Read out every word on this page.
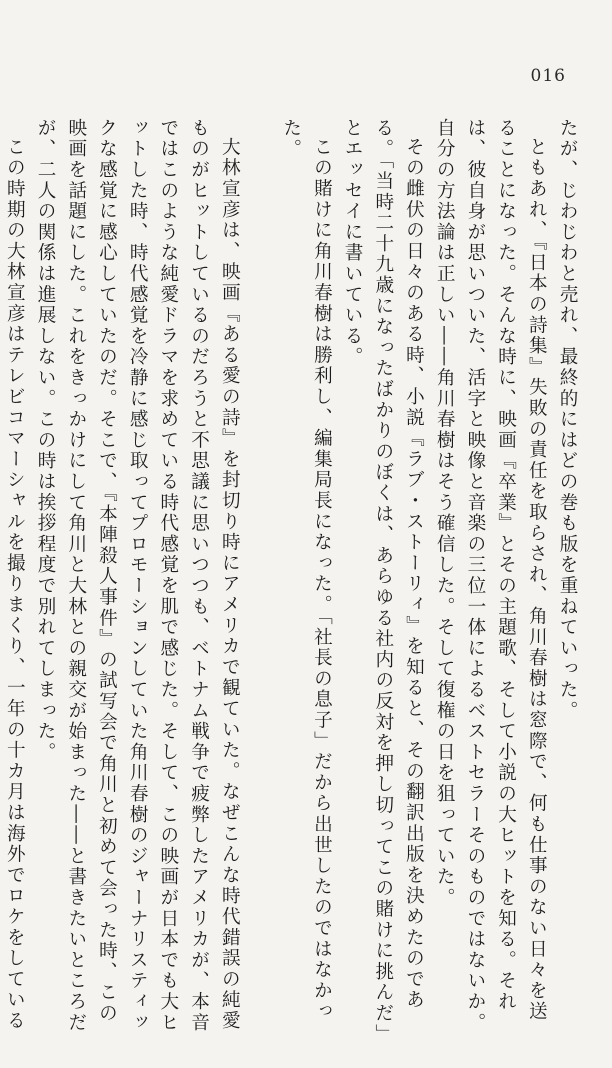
016

たが、じわじわと売れ、最終的にはどの巻も版を重ねていった。

ともあれ、『日本の詩集』失敗の責任を取らされ、角川春樹は窓際で、何も仕事のない日々を送ることになった。そんな時に、映画『卒業』とその主題歌、そして小説の大ヒットを知る。それは、彼自身が思いついた、活字と映像と音楽の三位一体によるベストセラーそのものではないか。自分の方法論は正しい――角川春樹はそう確信した。そして復権の日を狙っていた。

その雌伏の日々のある時、小説『ラブ・ストーリィ』を知ると、その翻訳出版を決めたのである。「当時二十九歳になったばかりのぼくは、あらゆる社内の反対を押し切ってこの賭けに挑んだ」とエッセイに書いている。

この賭けに角川春樹は勝利し、編集局長になった。「社長の息子」だから出世したのではなかった。

大林宣彦は、映画『ある愛の詩』を封切り時にアメリカで観ていた。なぜこんな時代錯誤の純愛ものがヒットしているのだろうと不思議に思いつつも、ベトナム戦争で疲弊したアメリカが、本音ではこのような純愛ドラマを求めている時代感覚を肌で感じた。そして、この映画が日本でも大ヒットした時、時代感覚を冷静に感じ取ってプロモーションしていた角川春樹のジャーナリスティックな感覚に感心していたのだ。そこで、『本陣殺人事件』の試写会で角川と初めて会った時、この映画を話題にした。これをきっかけにして角川と大林との親交が始まった――と書きたいところだが、二人の関係は進展しない。この時は挨拶程度で別れてしまった。

この時期の大林宣彦はテレビコマーシャルを撮りまくり、一年の十カ月は海外でロケをしている
